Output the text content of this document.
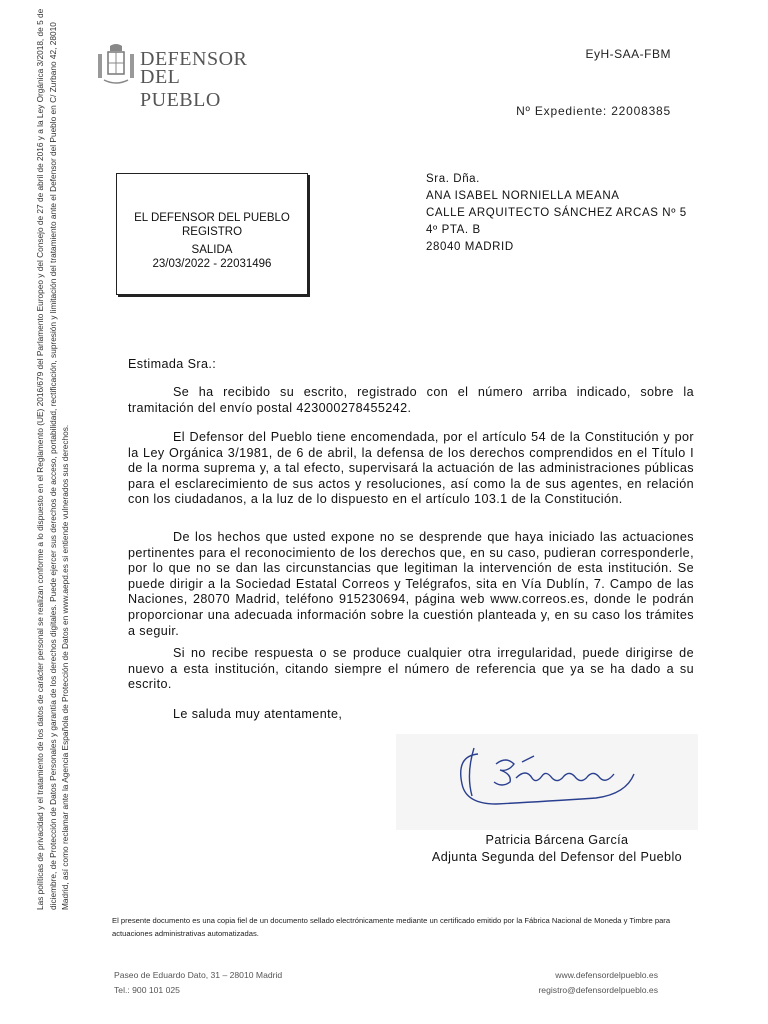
DEFENSOR
DEL PUEBLO
EyH-SAA-FBM
Nº Expediente: 22008385
EL DEFENSOR DEL PUEBLO
REGISTRO
SALIDA
23/03/2022 - 22031496
Sra. Dña.
ANA ISABEL NORNIELLA MEANA
CALLE ARQUITECTO SÁNCHEZ ARCAS Nº 5
4º PTA. B
28040 MADRID
Las políticas de privacidad y el tratamiento de los datos de carácter personal se realizan conforme a lo dispuesto en el Reglamento (UE) 2016/679 del Parlamento Europeo y del Consejo de 27 de abril de 2016 y a la Ley Orgánica 3/2018, de 5 de diciembre, de Protección de Datos Personales y garantía de los derechos digitales. Puede ejercer sus derechos de acceso, portabilidad, rectificación, supresión y limitación del tratamiento ante el Defensor del Pueblo en C/ Zurbano 42, 28010 Madrid, así como reclamar ante la Agencia Española de Protección de Datos en www.aepd.es si entiende vulnerados sus derechos.
Estimada Sra.:
Se ha recibido su escrito, registrado con el número arriba indicado, sobre la tramitación del envío postal 423000278455242.
El Defensor del Pueblo tiene encomendada, por el artículo 54 de la Constitución y por la Ley Orgánica 3/1981, de 6 de abril, la defensa de los derechos comprendidos en el Título I de la norma suprema y, a tal efecto, supervisará la actuación de las administraciones públicas para el esclarecimiento de sus actos y resoluciones, así como la de sus agentes, en relación con los ciudadanos, a la luz de lo dispuesto en el artículo 103.1 de la Constitución.
De los hechos que usted expone no se desprende que haya iniciado las actuaciones pertinentes para el reconocimiento de los derechos que, en su caso, pudieran corresponderle, por lo que no se dan las circunstancias que legitiman la intervención de esta institución. Se puede dirigir a la Sociedad Estatal Correos y Telégrafos, sita en Vía Dublín, 7. Campo de las Naciones, 28070 Madrid, teléfono 915230694, página web www.correos.es, donde le podrán proporcionar una adecuada información sobre la cuestión planteada y, en su caso los trámites a seguir.
Si no recibe respuesta o se produce cualquier otra irregularidad, puede dirigirse de nuevo a esta institución, citando siempre el número de referencia que ya se ha dado a su escrito.
Le saluda muy atentamente,
Patricia Bárcena García
Adjunta Segunda del Defensor del Pueblo
El presente documento es una copia fiel de un documento sellado electrónicamente mediante un certificado emitido por la Fábrica Nacional de Moneda y Timbre para actuaciones administrativas automatizadas.
Paseo de Eduardo Dato, 31 – 28010 Madrid
Tel.: 900 101 025
www.defensordelpueblo.es
registro@defensordelpueblo.es
